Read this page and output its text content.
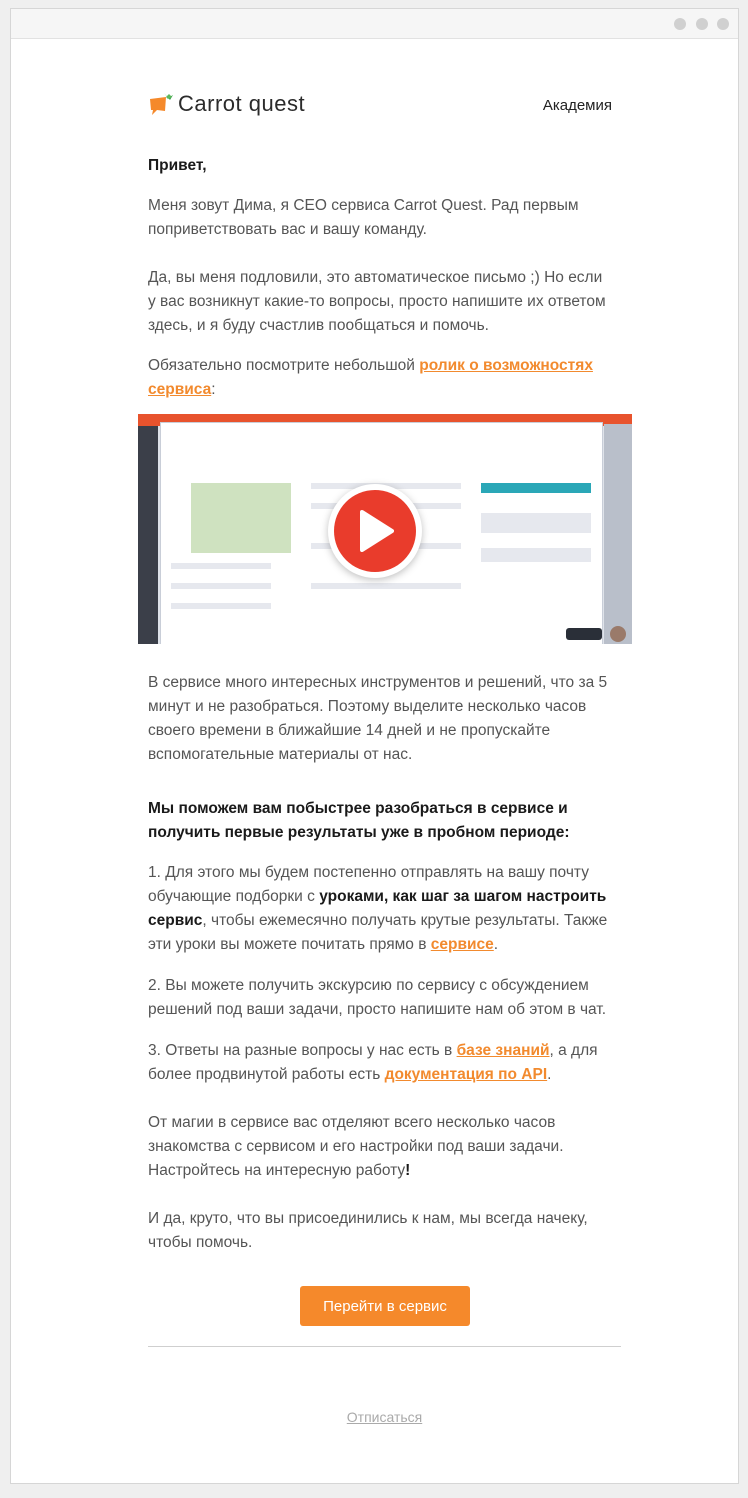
Carrot quest	Академия
Привет,
Меня зовут Дима, я CEO сервиса Carrot Quest. Рад первым поприветствовать вас и вашу команду.
Да, вы меня подловили, это автоматическое письмо ;) Но если у вас возникнут какие-то вопросы, просто напишите их ответом здесь, и я буду счастлив пообщаться и помочь.
Обязательно посмотрите небольшой ролик о возможностях сервиса:
В сервисе много интересных инструментов и решений, что за 5 минут и не разобраться. Поэтому выделите несколько часов своего времени в ближайшие 14 дней и не пропускайте вспомогательные материалы от нас.
Мы поможем вам побыстрее разобраться в сервисе и получить первые результаты уже в пробном периоде:
1. Для этого мы будем постепенно отправлять на вашу почту обучающие подборки с уроками, как шаг за шагом настроить сервис, чтобы ежемесячно получать крутые результаты. Также эти уроки вы можете почитать прямо в сервисе.
2. Вы можете получить экскурсию по сервису с обсуждением решений под ваши задачи, просто напишите нам об этом в чат.
3. Ответы на разные вопросы у нас есть в базе знаний, а для более продвинутой работы есть документация по API.
От магии в сервисе вас отделяют всего несколько часов знакомства с сервисом и его настройки под ваши задачи. Настройтесь на интересную работу!
И да, круто, что вы присоединились к нам, мы всегда начеку, чтобы помочь.
Перейти в сервис
Отписаться
